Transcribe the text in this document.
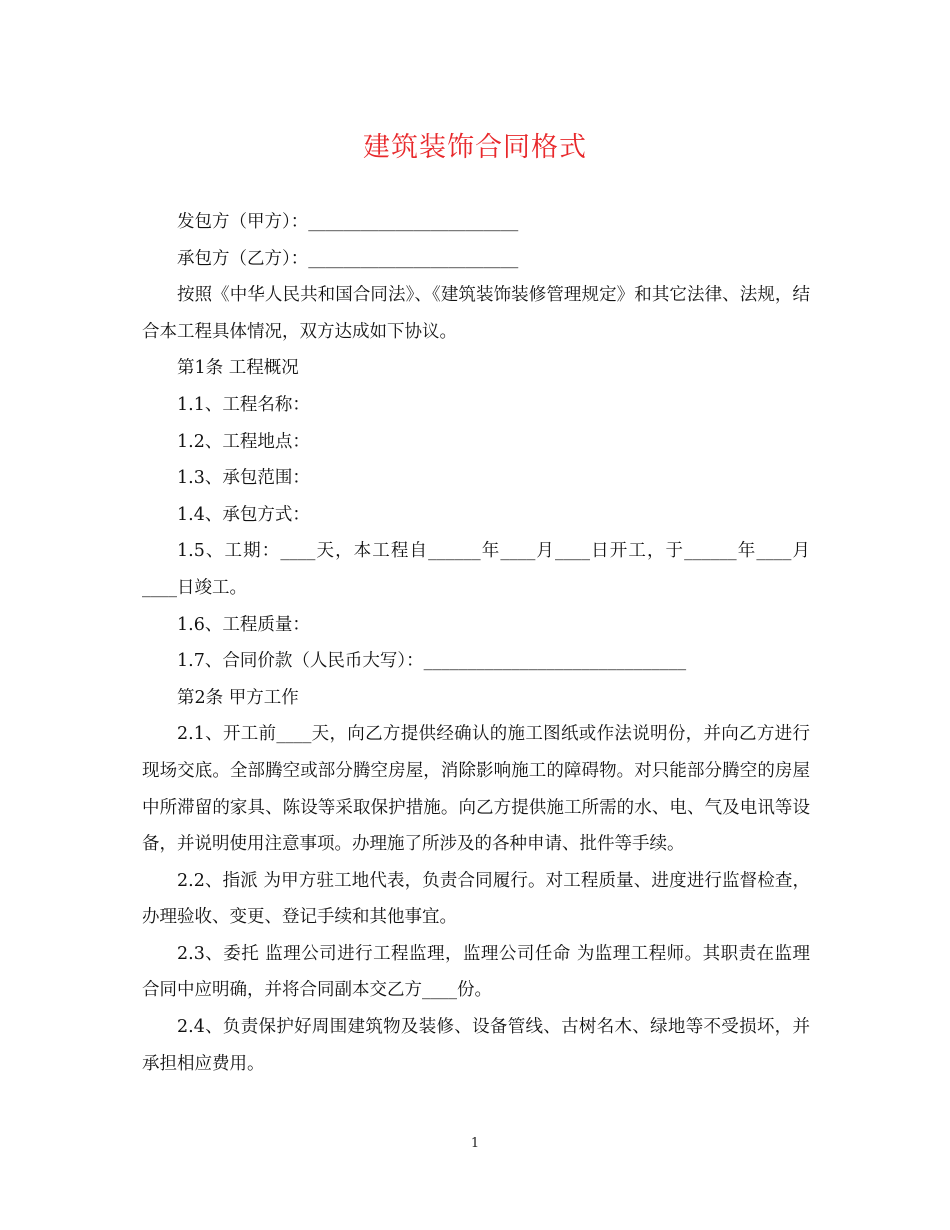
建筑装饰合同格式

发包方（甲方）：________________________

承包方（乙方）：________________________

按照《中华人民共和国合同法》、《建筑装饰装修管理规定》和其它法律、法规，结合本工程具体情况，双方达成如下协议。

第1条 工程概况

1.1、工程名称：

1.2、工程地点：

1.3、承包范围：

1.4、承包方式：

1.5、工期：____天，本工程自______年____月____日开工，于______年____月____日竣工。

1.6、工程质量：

1.7、合同价款（人民币大写）：______________________________

第2条 甲方工作

2.1、开工前____天，向乙方提供经确认的施工图纸或作法说明份，并向乙方进行现场交底。全部腾空或部分腾空房屋，消除影响施工的障碍物。对只能部分腾空的房屋中所滞留的家具、陈设等采取保护措施。向乙方提供施工所需的水、电、气及电讯等设备，并说明使用注意事项。办理施了所涉及的各种申请、批件等手续。

2.2、指派 为甲方驻工地代表，负责合同履行。对工程质量、进度进行监督检查，办理验收、变更、登记手续和其他事宜。

2.3、委托 监理公司进行工程监理，监理公司任命 为监理工程师。其职责在监理合同中应明确，并将合同副本交乙方____份。

2.4、负责保护好周围建筑物及装修、设备管线、古树名木、绿地等不受损坏，并承担相应费用。

1
